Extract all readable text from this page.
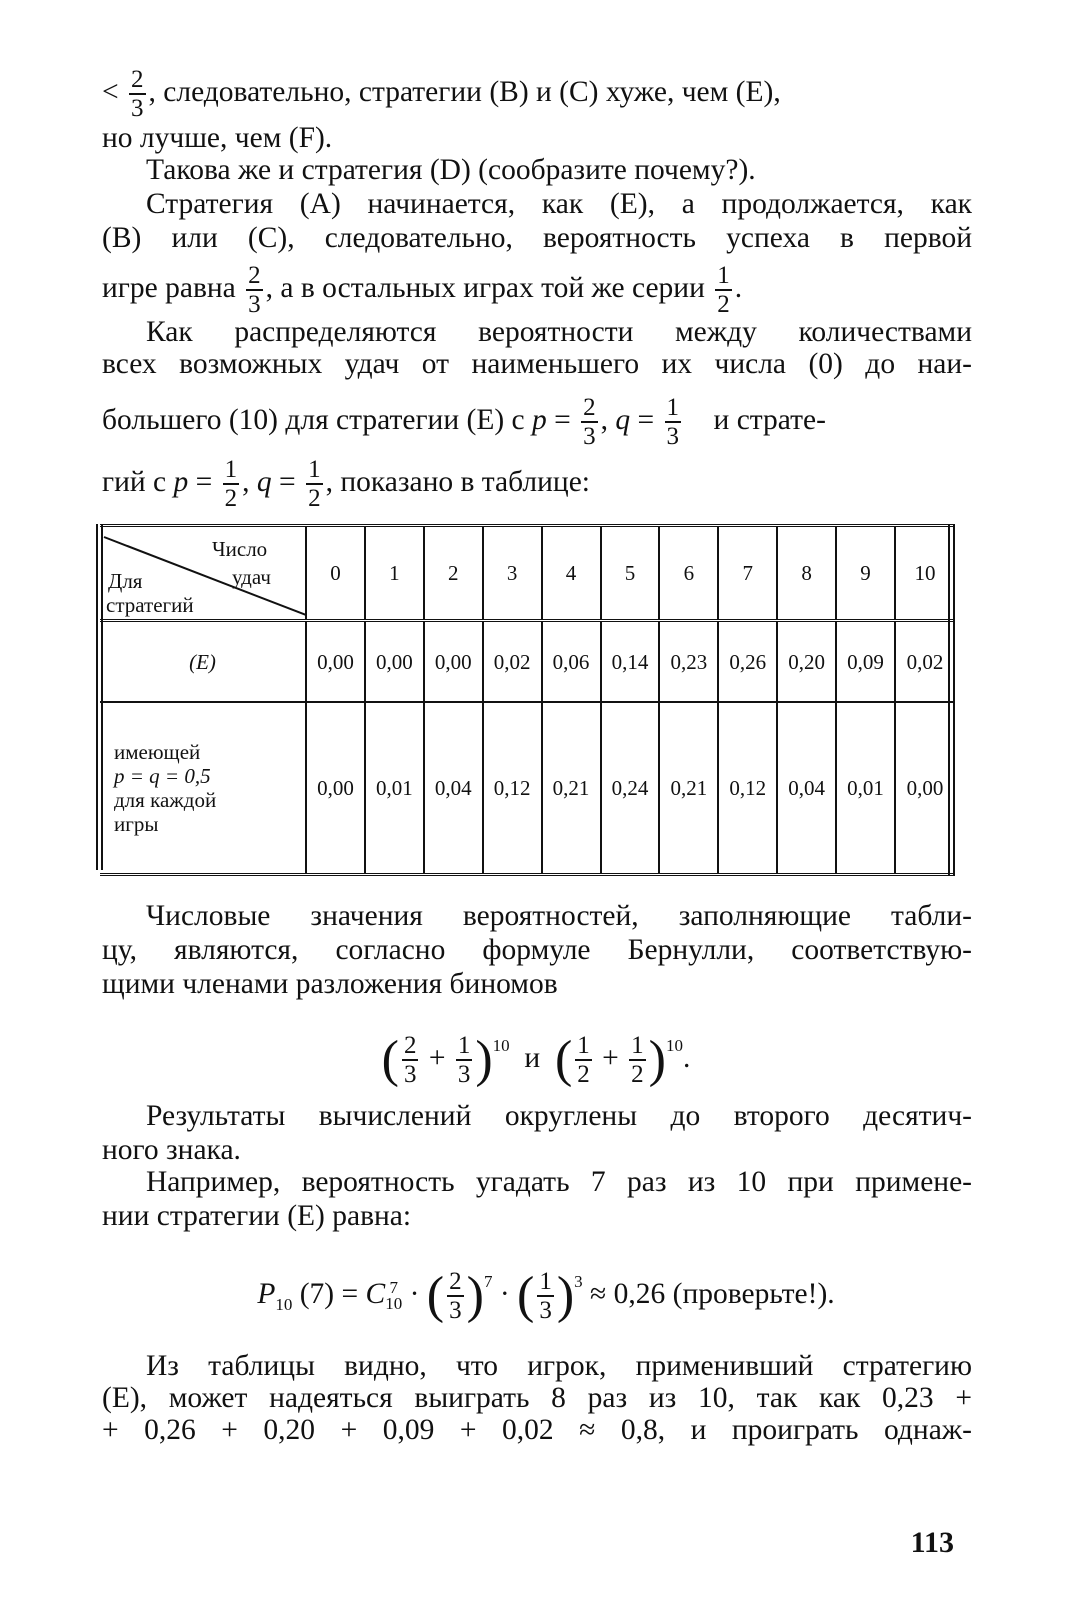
< $\frac{2}{3}$ , следовательно, стратегии (В) и (С) хуже, чем (Е),
но лучше, чем (F).
Такова же и стратегия (D) (сообразите почему?).
Стратегия (А) начинается, как (Е), а продолжается, как
(В) или (С), следовательно, вероятность успеха в первой
игре равна $\frac{2}{3}$ , а в остальных играх той же серии $\frac{1}{2}$ .
Как распределяются вероятности между количествами
всех возможных удач от наименьшего их числа (0) до наи-
большего (10) для стратегии (Е) с $p = \frac{2}{3}$ , $q = \frac{1}{3}$ и страте-
гий с $p = \frac{1}{2}$ , $q = \frac{1}{2}$ , показано в таблице:
Число
удач
Для
стратегий	0	1	2	3	4	5	6	7	8	9	10
(E)	0,00	0,00	0,00	0,02	0,06	0,14	0,23	0,26	0,20	0,09	0,02

имеющей
p = q = 0,5
для каждой
игры	0,00	0,01	0,04	0,12	0,21	0,24	0,21	0,12	0,04	0,01	0,00
Числовые значения вероятностей, заполняющие табли-
цу, являются, согласно формуле Бернулли, соответствую-
щими членами разложения биномов
( $\frac{2}{3} + \frac{1}{3} )^{10}$ и ( $\frac{1}{2} + \frac{1}{2} )^{10}$.
Результаты вычислений округлены до второго десятич-
ного знака.
Например, вероятность угадать 7 раз из 10 при примене-
нии стратегии (Е) равна:
$P_{10}$ (7) = C 7
10 · ( $\frac{2}{3} )^7$ · ( $\frac{1}{3} )^3 \approx 0,26$ (проверьте!).
Из таблицы видно, что игрок, применивший стратегию
(Е), может надеяться выиграть 8 раз из 10, так как 0,23 +
+ 0,26 + 0,20 + 0,09 + 0,02 ≈ 0,8, и проиграть однаж-
113
